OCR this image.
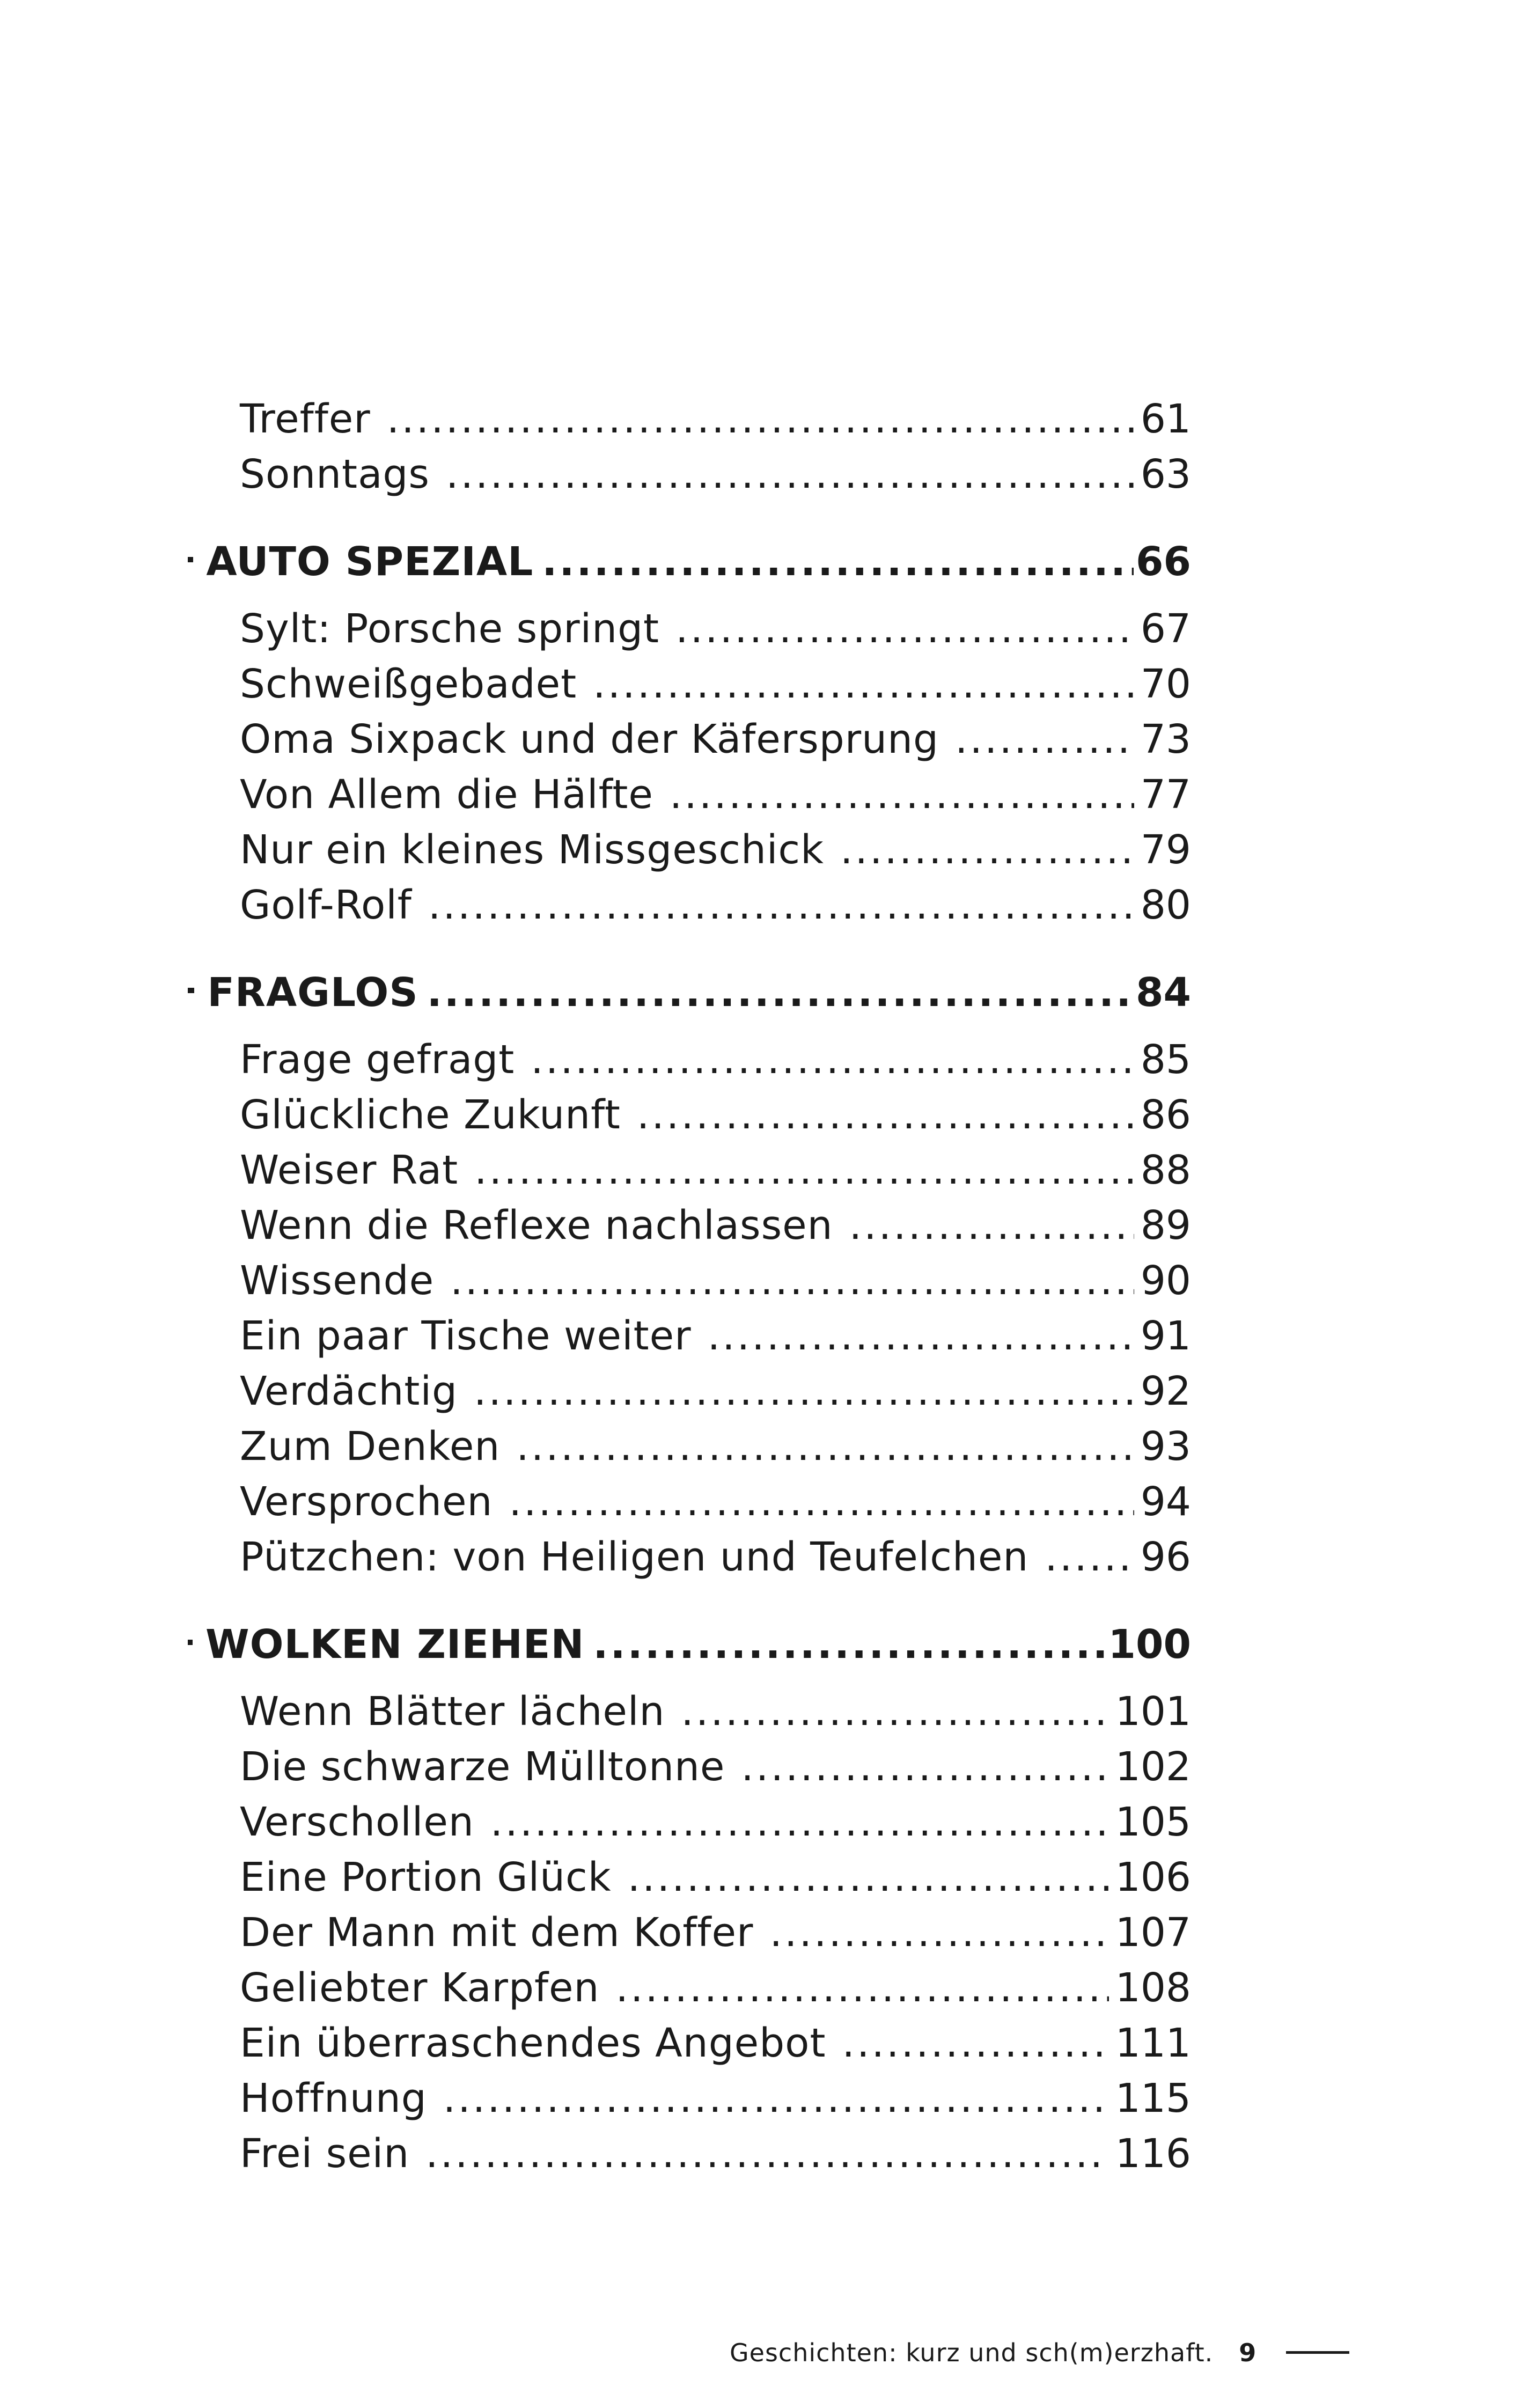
Treffer .....	61
Sonntags .....	63
AUTO SPEZIAL .....	66
Sylt: Porsche springt .....	67
Schweißgebadet .....	70
Oma Sixpack und der Käfersprung .....	73
Von Allem die Hälfte .....	77
Nur ein kleines Missgeschick .....	79
Golf-Rolf .....	80
FRAGLOS .....	84
Frage gefragt .....	85
Glückliche Zukunft .....	86
Weiser Rat .....	88
Wenn die Reflexe nachlassen .....	89
Wissende .....	90
Ein paar Tische weiter .....	91
Verdächtig .....	92
Zum Denken .....	93
Versprochen .....	94
Pützchen: von Heiligen und Teufelchen .....	96
WOLKEN ZIEHEN .....	100
Wenn Blätter lächeln .....	101
Die schwarze Mülltonne .....	102
Verschollen .....	105
Eine Portion Glück .....	106
Der Mann mit dem Koffer .....	107
Geliebter Karpfen .....	108
Ein überraschendes Angebot .....	111
Hoffnung .....	115
Frei sein .....	116
Geschichten: kurz und sch(m)erzhaft. 9
